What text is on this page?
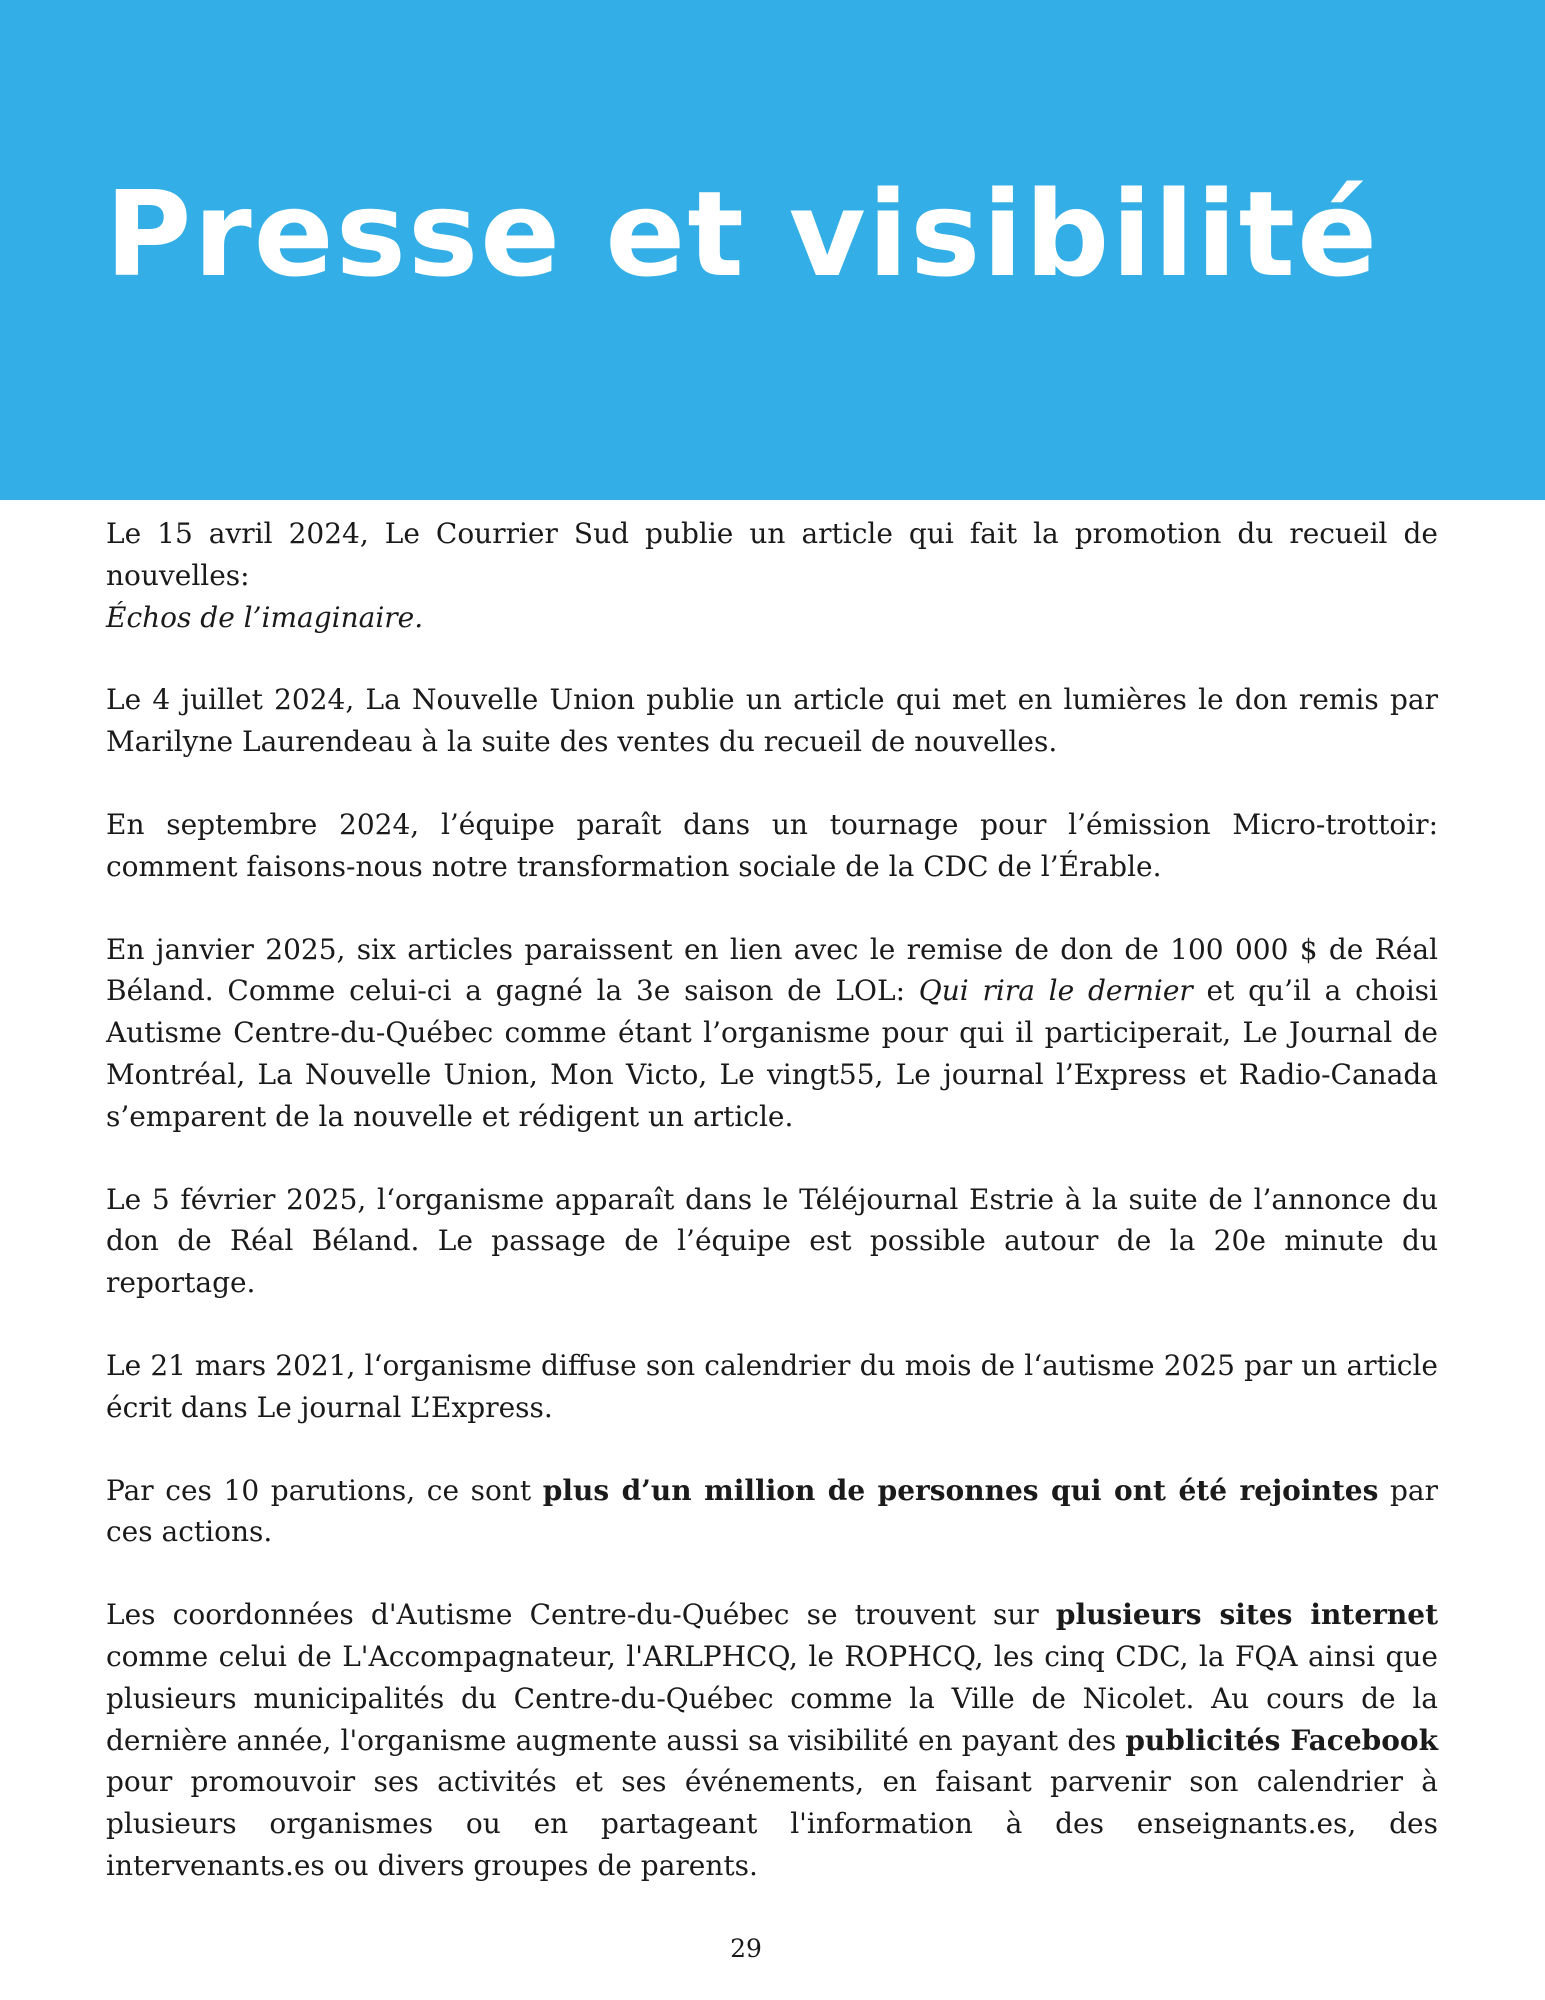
Presse et visibilité

Le 15 avril 2024, Le Courrier Sud publie un article qui fait la promotion du recueil de nouvelles:
Échos de l’imaginaire.

Le 4 juillet 2024, La Nouvelle Union publie un article qui met en lumières le don remis par Marilyne Laurendeau à la suite des ventes du recueil de nouvelles.

En septembre 2024, l’équipe paraît dans un tournage pour l’émission Micro-trottoir: comment faisons-nous notre transformation sociale de la CDC de l’Érable.

En janvier 2025, six articles paraissent en lien avec le remise de don de 100 000 $ de Réal Béland. Comme celui-ci a gagné la 3e saison de LOL: Qui rira le dernier et qu’il a choisi Autisme Centre-du-Québec comme étant l’organisme pour qui il participerait, Le Journal de Montréal, La Nouvelle Union, Mon Victo, Le vingt55, Le journal l’Express et Radio-Canada s’emparent de la nouvelle et rédigent un article.

Le 5 février 2025, l‘organisme apparaît dans le Téléjournal Estrie à la suite de l’annonce du don de Réal Béland. Le passage de l’équipe est possible autour de la 20e minute du reportage.

Le 21 mars 2021, l‘organisme diffuse son calendrier du mois de l‘autisme 2025 par un article écrit dans Le journal L’Express.

Par ces 10 parutions, ce sont plus d’un million de personnes qui ont été rejointes par ces actions.

Les coordonnées d'Autisme Centre-du-Québec se trouvent sur plusieurs sites internet comme celui de L'Accompagnateur, l'ARLPHCQ, le ROPHCQ, les cinq CDC, la FQA ainsi que plusieurs municipalités du Centre-du-Québec comme la Ville de Nicolet. Au cours de la dernière année, l'organisme augmente aussi sa visibilité en payant des publicités Facebook pour promouvoir ses activités et ses événements, en faisant parvenir son calendrier à plusieurs organismes ou en partageant l'information à des enseignants.es, des intervenants.es ou divers groupes de parents.

29
